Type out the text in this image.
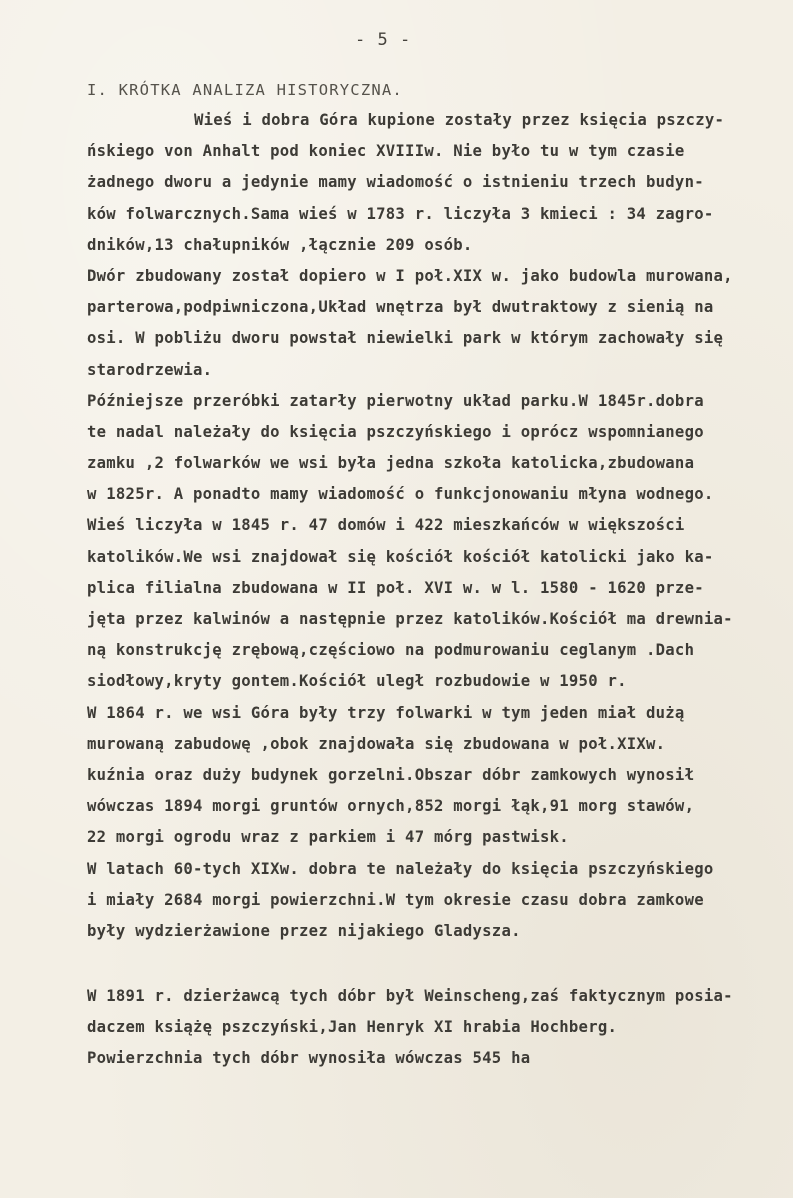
- 5 -
I. KRÓTKA ANALIZA HISTORYCZNA.
Wieś i dobra Góra kupione zostały przez księcia pszczy-
ńskiego von Anhalt pod koniec XVIIIw. Nie było tu w tym czasie
żadnego dworu a jedynie mamy wiadomość o istnieniu trzech budyn-
ków folwarcznych.Sama wieś w 1783 r. liczyła 3 kmieci : 34 zagro-
dników,13 chałupników ,łącznie 209 osób.
Dwór zbudowany został dopiero w I poł.XIX w. jako budowla murowana,
parterowa,podpiwniczona,Układ wnętrza był dwutraktowy z sienią na
osi. W pobliżu dworu powstał niewielki park w którym zachowały się
starodrzewia.
Późniejsze przeróbki zatarły pierwotny układ parku.W 1845r.dobra
te nadal należały do księcia pszczyńskiego i oprócz wspomnianego
zamku ,2 folwarków we wsi była jedna szkoła katolicka,zbudowana
w 1825r. A ponadto mamy wiadomość o funkcjonowaniu młyna wodnego.
Wieś liczyła w 1845 r. 47 domów i 422 mieszkańców w większości
katolików.We wsi znajdował się kościół kościół katolicki jako ka-
plica filialna zbudowana w II poł. XVI w. w l. 1580 - 1620 prze-
jęta przez kalwinów a następnie przez katolików.Kościół ma drewnia-
ną konstrukcję zrębową,częściowo na podmurowaniu ceglanym .Dach
siodłowy,kryty gontem.Kościół uległ rozbudowie w 1950 r.
W 1864 r. we wsi Góra były trzy folwarki w tym jeden miał dużą
murowaną zabudowę ,obok znajdowała się zbudowana w poł.XIXw.
kuźnia oraz duży budynek gorzelni.Obszar dóbr zamkowych wynosił
wówczas 1894 morgi gruntów ornych,852 morgi łąk,91 morg stawów,
22 morgi ogrodu wraz z parkiem i 47 mórg pastwisk.
W latach 60-tych XIXw. dobra te należały do księcia pszczyńskiego
i miały 2684 morgi powierzchni.W tym okresie czasu dobra zamkowe
były wydzierżawione przez nijakiego Gladysza.
W 1891 r. dzierżawcą tych dóbr był Weinscheng,zaś faktycznym posia-
daczem książę pszczyński,Jan Henryk XI hrabia Hochberg.
Powierzchnia tych dóbr wynosiła wówczas 545 ha
